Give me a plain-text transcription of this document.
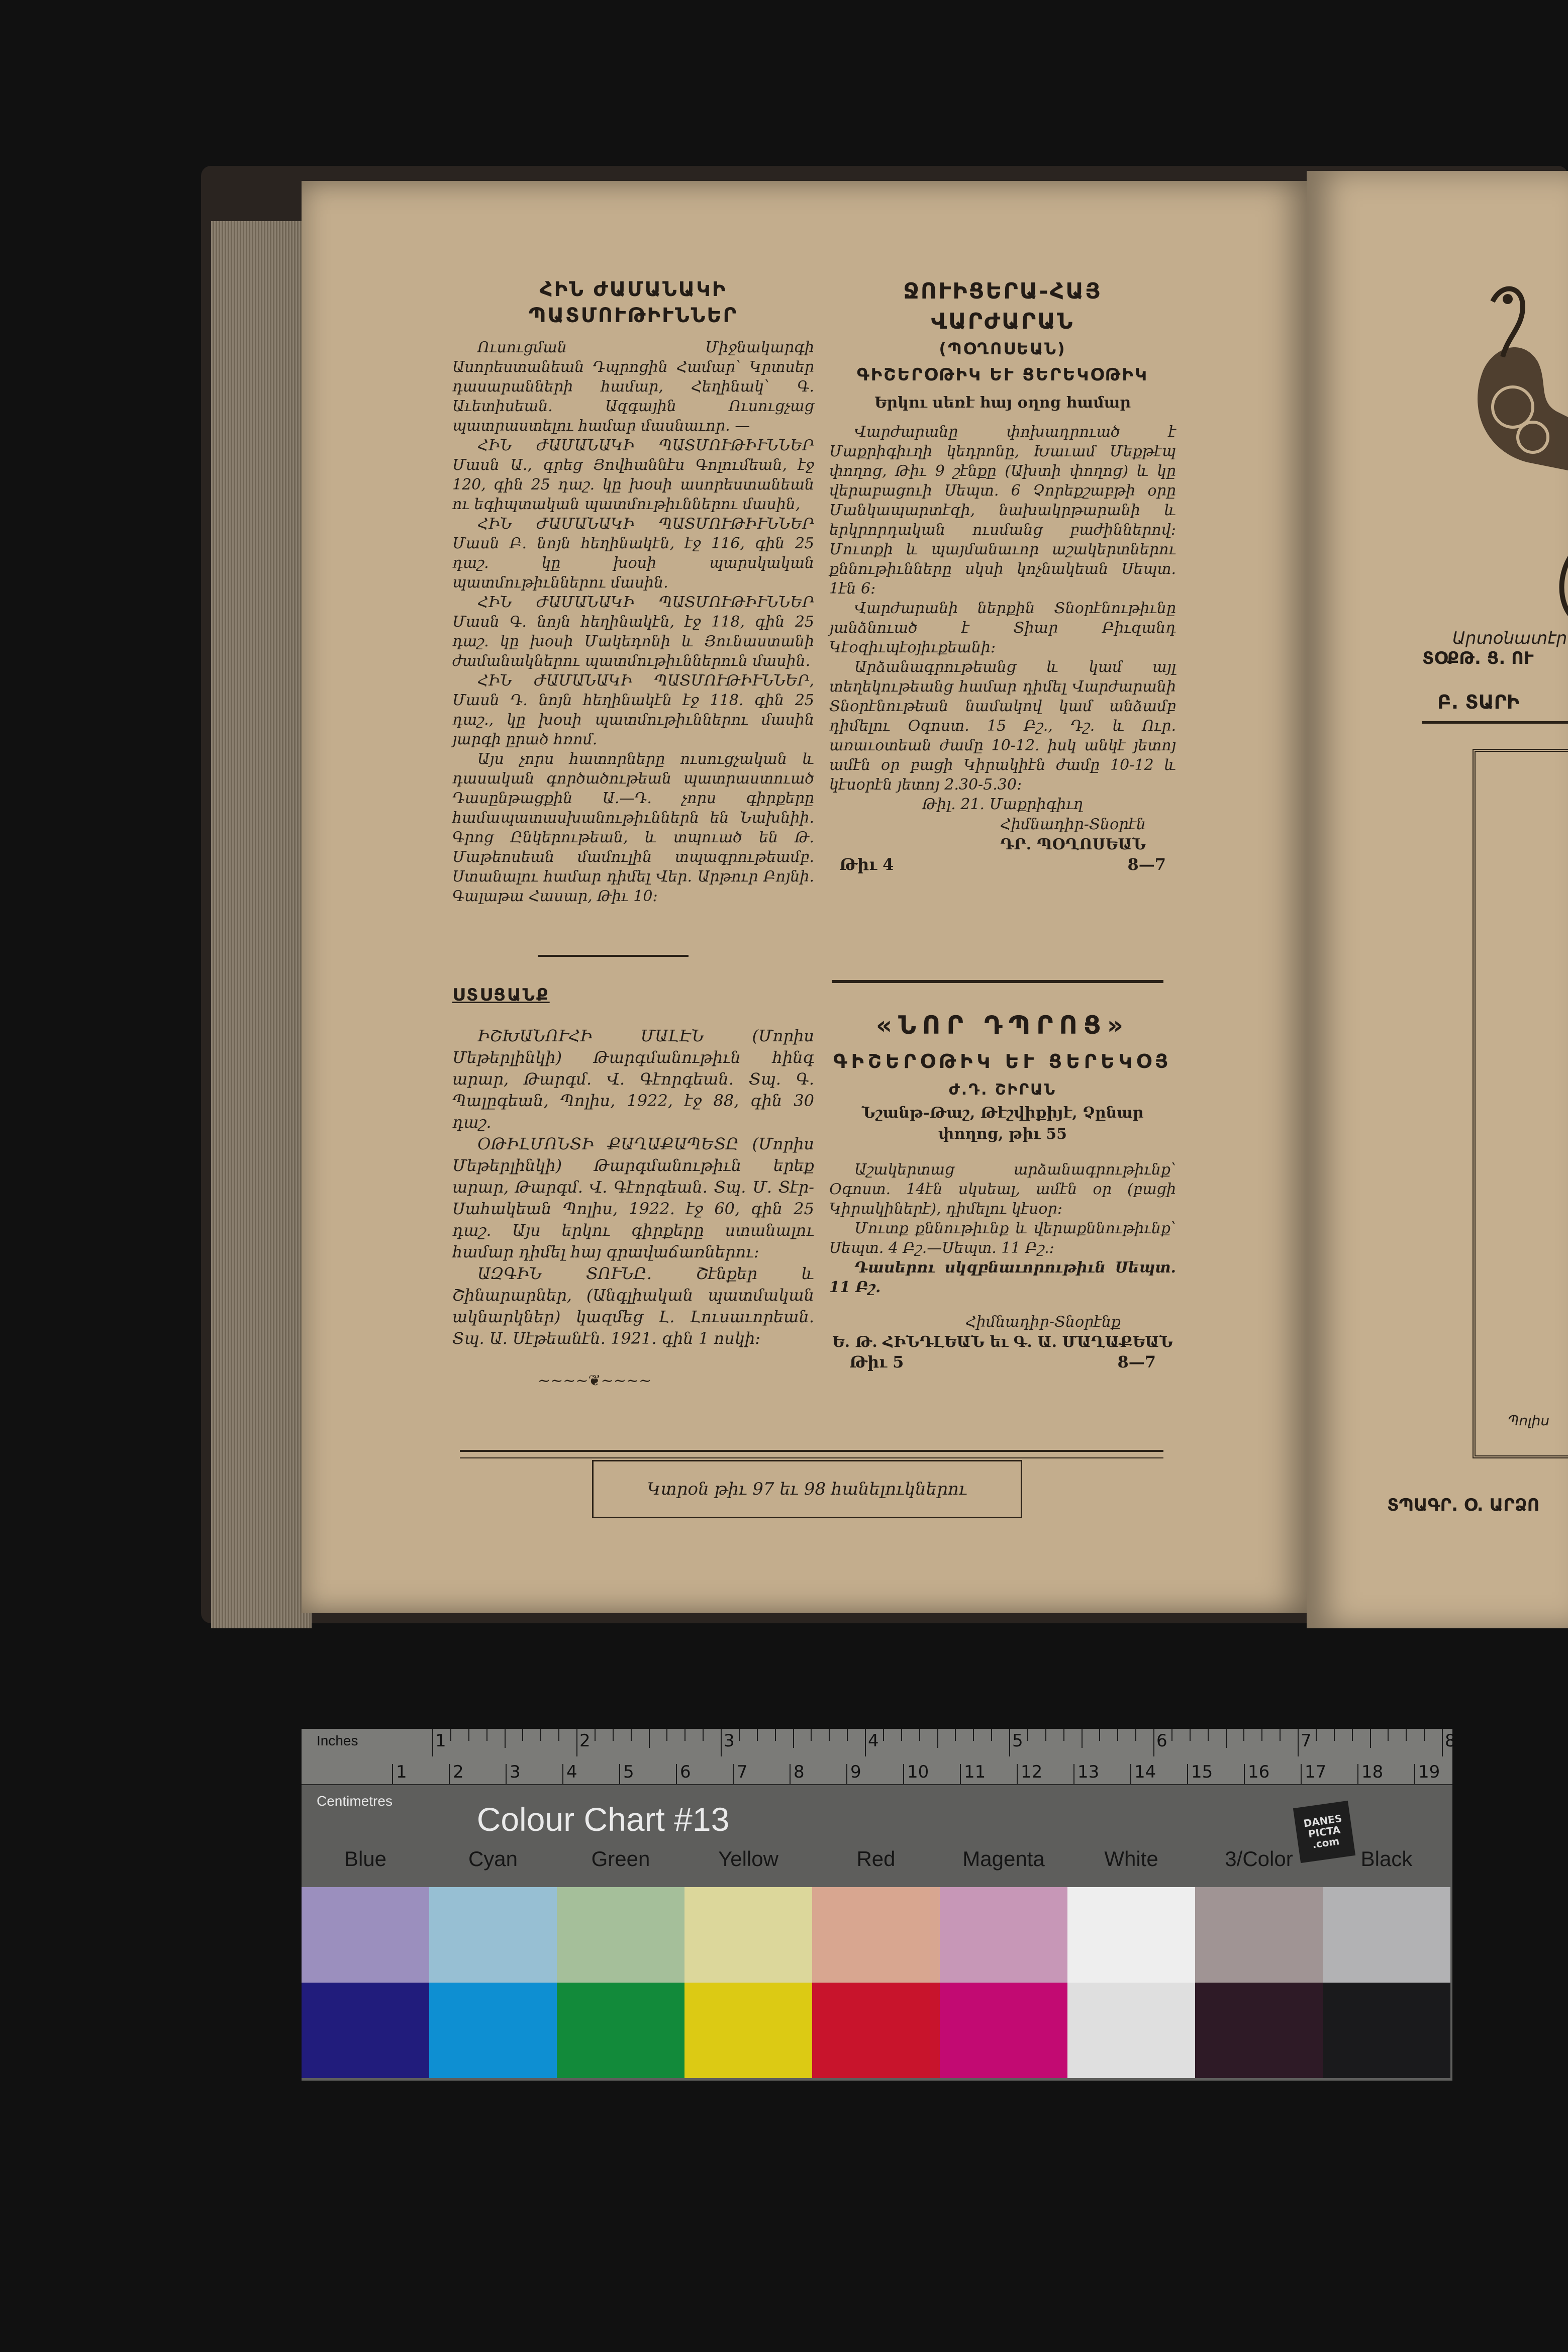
ՀԻՆ ԺԱՄԱՆԱԿԻ
ՊԱՏՄՈՒԹԻՒՆՆԵՐ
Ուսուցման Միջնակարգի Ասորեստանեան Դպրոցին Համար՝ Կրտսեր դասարանների համար, Հեղինակ՝ Գ. Աւետիսեան. Ազգային Ուսուցչաց պատրաստելու համար մասնաւոր. —
ՀԻՆ ԺԱՄԱՆԱԿԻ ՊԱՏՄՈՒԹԻՒՆՆԵՐ Մասն Ա., գրեց Յովհաննէս Գոլումեան, էջ 120, գին 25 դաշ. կը խօսի ասորեստանեան ու եգիպտական պատմութիւններու մասին,
ՀԻՆ ԺԱՄԱՆԱԿԻ ՊԱՏՄՈՒԹԻՒՆՆԵՐ Մասն Բ. նոյն հեղինակէն, էջ 116, գին 25 դաշ. կը խօսի պարսկական պատմութիւններու մասին.
ՀԻՆ ԺԱՄԱՆԱԿԻ ՊԱՏՄՈՒԹԻՒՆՆԵՐ Մասն Գ. նոյն հեղինակէն, էջ 118, գին 25 դաշ. կը խօսի Մակեդոնի և Յունաստանի ժամանակներու պատմութիւններուն մասին.
ՀԻՆ ԺԱՄԱՆԱԿԻ ՊԱՏՄՈՒԹԻՒՆՆԵՐ, Մասն Դ. նոյն հեղինակէն էջ 118. գին 25 դաշ., կը խօսի պատմութիւններու մասին յարգի ըրած հռոմ.
Այս չորս հատորները ուսուցչական և դասական գործածութեան պատրաստուած Դասընթացքին Ա.—Դ. չորս գիրքերը համապատասխանութիւններն են Նախնիի. Գրոց Ընկերութեան, և տպուած են Թ. Մաթեոսեան մամուլին տպագրութեամբ. Ստանալու համար դիմել Վեր. Արթուր Բոյնի. Գալաթա Հասար, Թիւ 10։
ՍՏՍՑԱՆՔ
ԻՇԽԱՆՈՒՀԻ ՄԱԼԷՆ (Մորիս Մեթերլինկի) Թարգմանութիւն հինգ արար, Թարգմ. Վ. Գէորգեան. Տպ. Գ. Պալըգեան, Պոլիս, 1922, էջ 88, գին 30 դաշ.
ՕԹԻԼՄՈՆՏԻ ՔԱՂԱՔԱՊԵՏԸ (Մորիս Մեթերլինկի) Թարգմանութիւն երեք արար, Թարգմ. Վ. Գէորգեան. Տպ. Մ. Տէր-Սահակեան Պոլիս, 1922. էջ 60, գին 25 դաշ. Այս երկու գիրքերը ստանալու համար դիմել հայ գրավաճառներու։
ԱԶԳԻՆ ՏՈՒՆԸ. Շէնքեր և Շինարարներ, (Անգլիական պատմական ակնարկներ) կազմեց Լ. Լուսաւորեան. Տպ. Ա. Սէթեանէն. 1921. գին 1 ոսկի։
~~~~❦~~~~
ՋՈՒԻՑԵՐԱ-ՀԱՅ ՎԱՐԺԱՐԱՆ
(ՊՕՂՈՍԵԱՆ)
ԳԻՇԵՐՕԹԻԿ ԵՒ ՑԵՐԵԿՕԹԻԿ
Երկու սեռէ հայ օղոց համար
Վարժարանը փոխադրուած է Մաքրիգիւղի կեդրոնը, Խաւամ Մեքթէպ փողոց, Թիւ 9 շէնքը (Ախտի փողոց) և կը վերաբացուի Սեպտ. 6 Չորեքշաբթի օրը Մանկապարտէզի, նախակրթարանի և երկրորդական ուսմանց բաժիններով։ Մուտքի և պայմանաւոր աշակերտներու քննութիւնները սկսի կոչնակեան Սեպտ. 1էն 6։
Վարժարանի ներքին Տնօրէնութիւնը յանձնուած է Տիար Բիւզանդ Կէօզիւպէօյիւքեանի։
Արձանագրութեանց և կամ այլ տեղեկութեանց համար դիմել Վարժարանի Տնօրէնութեան նամակով կամ անձամբ դիմելու Օգոստ. 15 Բշ., Դշ. և Ուր. առաւօտեան ժամը 10-12. իսկ անկէ յետոյ ամէն օր բացի Կիրակիէն ժամը 10-12 և կէսօրէն յետոյ 2.30-5.30։
Թիլ. 21. Մաքրիգիւղ
Հիմնադիր-Տնօրէն
ԴՐ. ՊՕՂՈՍԵԱՆ
Թիւ 4	8—7
«ՆՈՐ ԴՊՐՈՑ»
ԳԻՇԵՐՕԹԻԿ ԵՒ ՑԵՐԵԿՕՅ
Ժ.Դ. ՇԻՐԱՆ
Նշանթ-Թաշ, Թէշվիքիյէ, Չընար փողոց, թիւ 55
Աշակերտաց արձանագրութիւնք՝ Օգոստ. 14էն սկսեալ, ամէն օր (բացի Կիրակիներէ), դիմելու կէսօր։
Մուտք քննութիւնք և վերաքննութիւնք՝ Սեպտ. 4 Բշ.—Սեպտ. 11 Բշ.։
Դասերու սկզբնաւորութիւն Սեպտ. 11 Բշ.
Հիմնադիր-Տնօրէնք
Ե. Թ. ՀԻՆԴԼԵԱՆ եւ Գ. Ա. ՄԱՂԱՔԵԱՆ
Թիւ 5	8—7
Կտրօն թիւ 97 եւ 98 հանելուկներու
Արտօնատէր
ՏՕՔԹ. Ց. ՈՒ
Բ. ՏԱՐԻ
Պոլիս
ՏՊԱԳՐ. Օ. ԱՐՁՈ
Inches	1	2	3	4	5	6	7	8
1	2	3	4	5	6	7	8	9	10 11 12 13 14 15 16 17 18 19
Centimetres	Colour Chart #13	DANES PICTA .com
Blue	Cyan	Green	Yellow	Red	Magenta	White	3/Color	Black
